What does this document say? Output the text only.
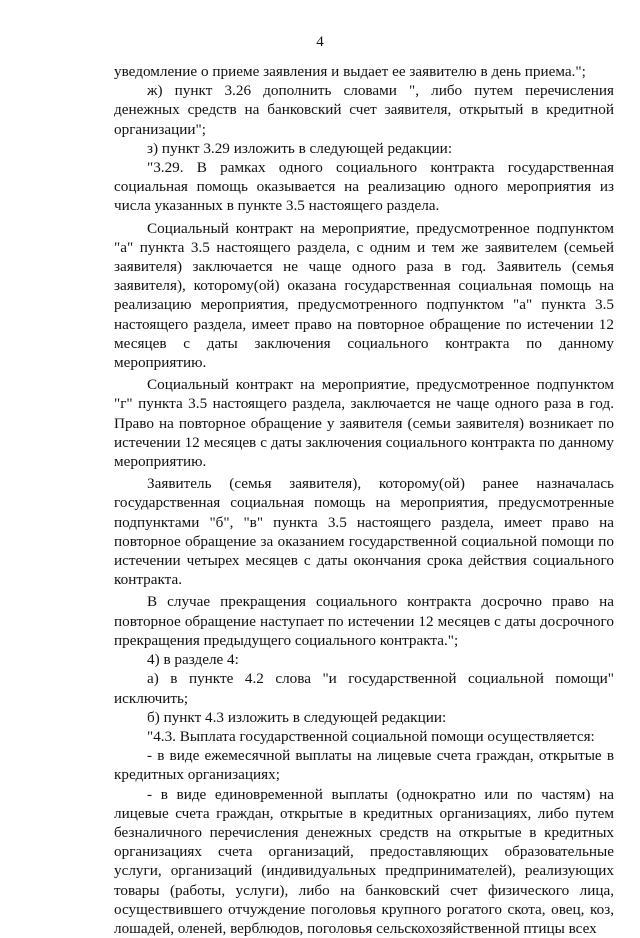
4

уведомление о приеме заявления и выдает ее заявителю в день приема.";

ж) пункт 3.26 дополнить словами ", либо путем перечисления денежных средств на банковский счет заявителя, открытый в кредитной организации";

з) пункт 3.29 изложить в следующей редакции:

"3.29. В рамках одного социального контракта государственная социальная помощь оказывается на реализацию одного мероприятия из числа указанных в пункте 3.5 настоящего раздела.

Социальный контракт на мероприятие, предусмотренное подпунктом "а" пункта 3.5 настоящего раздела, с одним и тем же заявителем (семьей заявителя) заключается не чаще одного раза в год. Заявитель (семья заявителя), которому(ой) оказана государственная социальная помощь на реализацию мероприятия, предусмотренного подпунктом "а" пункта 3.5 настоящего раздела, имеет право на повторное обращение по истечении 12 месяцев с даты заключения социального контракта по данному мероприятию.

Социальный контракт на мероприятие, предусмотренное подпунктом "г" пункта 3.5 настоящего раздела, заключается не чаще одного раза в год. Право на повторное обращение у заявителя (семьи заявителя) возникает по истечении 12 месяцев с даты заключения социального контракта по данному мероприятию.

Заявитель (семья заявителя), которому(ой) ранее назначалась государственная социальная помощь на мероприятия, предусмотренные подпунктами "б", "в" пункта 3.5 настоящего раздела, имеет право на повторное обращение за оказанием государственной социальной помощи по истечении четырех месяцев с даты окончания срока действия социального контракта.

В случае прекращения социального контракта досрочно право на повторное обращение наступает по истечении 12 месяцев с даты досрочного прекращения предыдущего социального контракта.";

4) в разделе 4:

а) в пункте 4.2 слова "и государственной социальной помощи" исключить;

б) пункт 4.3 изложить в следующей редакции:

"4.3. Выплата государственной социальной помощи осуществляется:

- в виде ежемесячной выплаты на лицевые счета граждан, открытые в кредитных организациях;

- в виде единовременной выплаты (однократно или по частям) на лицевые счета граждан, открытые в кредитных организациях, либо путем безналичного перечисления денежных средств на открытые в кредитных организациях счета организаций, предоставляющих образовательные услуги, организаций (индивидуальных предпринимателей), реализующих товары (работы, услуги), либо на банковский счет физического лица, осуществившего отчуждение поголовья крупного рогатого скота, овец, коз, лошадей, оленей, верблюдов, поголовья сельскохозяйственной птицы всех
